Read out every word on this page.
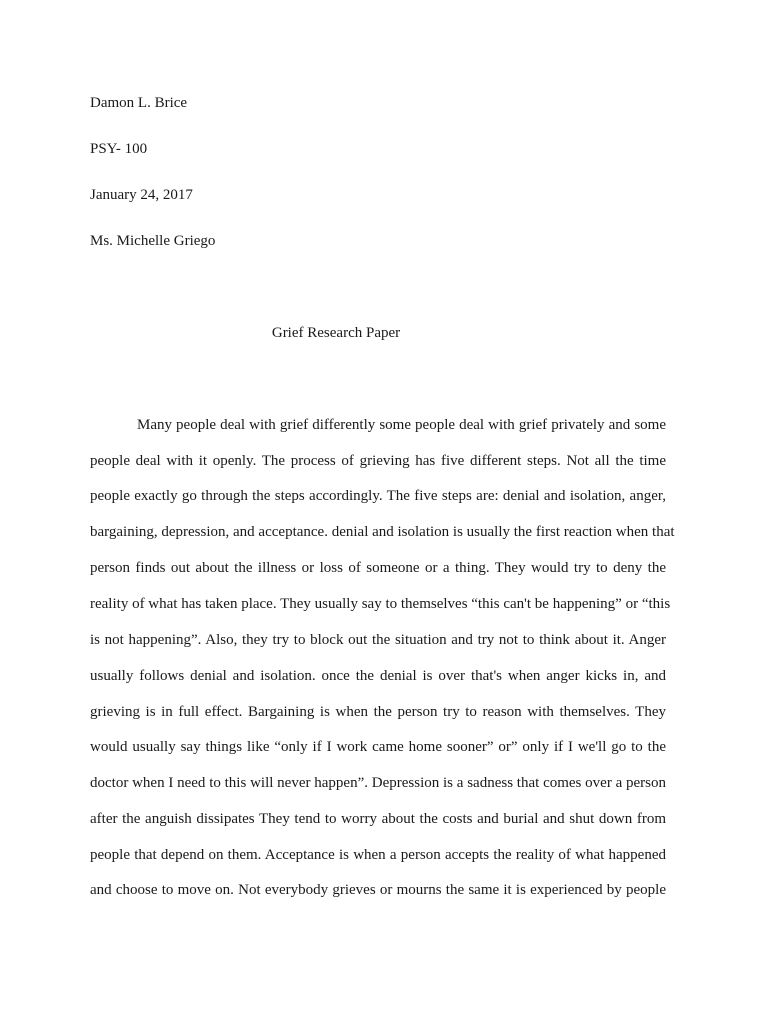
Damon L. Brice
PSY- 100
January 24, 2017
Ms. Michelle Griego
Grief Research Paper
Many people deal with grief differently some people deal with grief privately and some
people deal with it openly. The process of grieving has five different steps. Not all the time
people exactly go through the steps accordingly. The five steps are: denial and isolation, anger,
bargaining, depression, and acceptance. denial and isolation is usually the first reaction when that
person finds out about the illness or loss of someone or a thing. They would try to deny the
reality of what has taken place. They usually say to themselves “this can't be happening” or “this
is not happening”. Also, they try to block out the situation and try not to think about it. Anger
usually follows denial and isolation. once the denial is over that's when anger kicks in, and
grieving is in full effect. Bargaining is when the person try to reason with themselves. They
would usually say things like “only if I work came home sooner” or” only if I we'll go to the
doctor when I need to this will never happen”. Depression is a sadness that comes over a person
after the anguish dissipates They tend to worry about the costs and burial and shut down from
people that depend on them. Acceptance is when a person accepts the reality of what happened
and choose to move on. Not everybody grieves or mourns the same it is experienced by people
